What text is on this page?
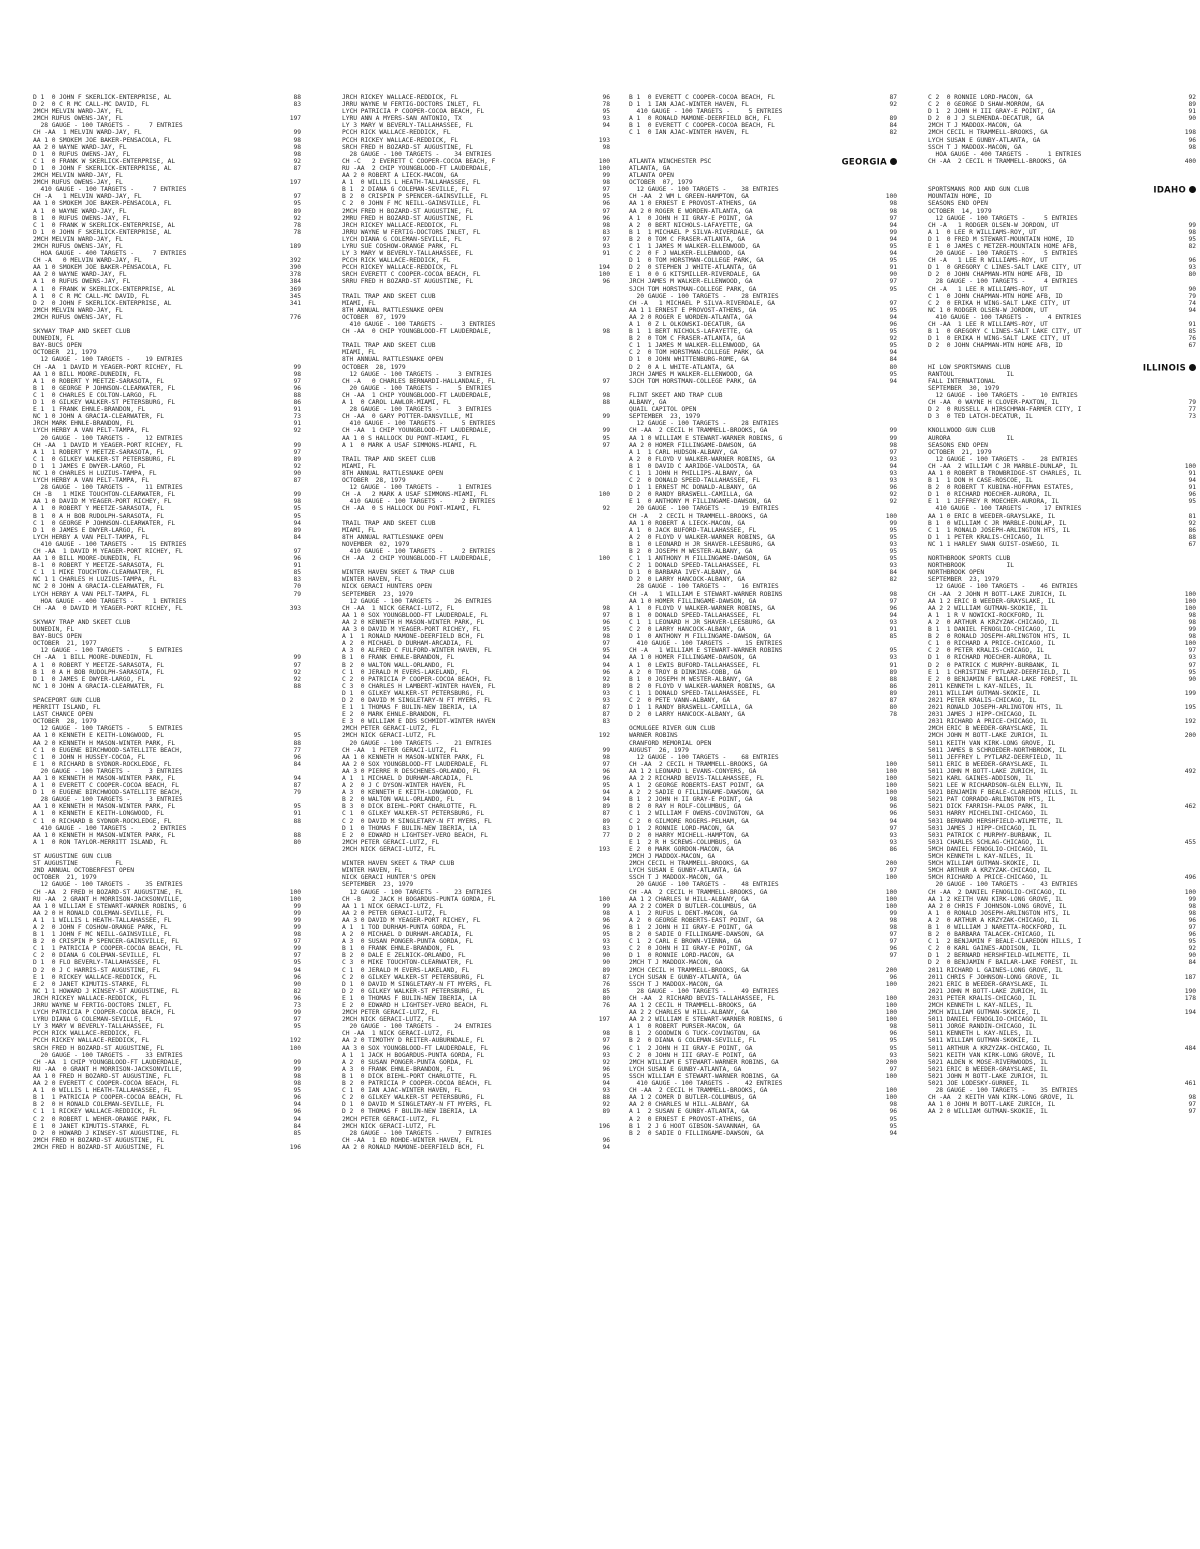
D 1  0 JOHN F SKERLICK-ENTERPRISE, AL	88
D 2  0 C R MC CALL-MC DAVID, FL	83
2MCH MELVIN WARD-JAY, FL
2MCH RUFUS OWENS-JAY, FL	197
28 GAUGE - 100 TARGETS -     7 ENTRIES
CH -AA  1 MELVIN WARD-JAY, FL	99
AA 1 0 SMOKEM JOE BAKER-PENSACOLA, FL	98
AA 2 0 WAYNE WARD-JAY, FL	98
D 1  0 RUFUS OWENS-JAY, FL	98
C 1  0 FRANK W SKERLICK-ENTERPRISE, AL	92
D 1  0 JOHN F SKERLICK-ENTERPRISE, AL	87
2MCH MELVIN WARD-JAY, FL
2MCH RUFUS OWENS-JAY, FL	197
410 GAUGE - 100 TARGETS -     7 ENTRIES
CH -A   1 MELVIN WARD-JAY, FL	97
AA 1 0 SMOKEM JOE BAKER-PENSACOLA, FL	95
A 1  0 WAYNE WARD-JAY, FL	89
B 1  0 RUFUS OWENS-JAY, FL	92
C 1  0 FRANK W SKERLICK-ENTERPRISE, AL	78
D 1  0 JOHN F SKERLICK-ENTERPRISE, AL	78
2MCH MELVIN WARD-JAY, FL
2MCH RUFUS OWENS-JAY, FL	189
HOA GAUGE - 400 TARGETS -     7 ENTRIES
CH -A   0 MELVIN WARD-JAY, FL	392
AA 1 0 SMOKEM JOE BAKER-PENSACOLA, FL	390
AA 2 0 WAYNE WARD-JAY, FL	378
A 1  0 RUFUS OWENS-JAY, FL	384
A 1  0 FRANK W SKERLICK-ENTERPRISE, AL	369
A 1  0 C R MC CALL-MC DAVID, FL	345
D 2  0 JOHN F SKERLICK-ENTERPRISE, AL	341
2MCH MELVIN WARD-JAY, FL
2MCH RUFUS OWENS-JAY, FL	776
SKYWAY TRAP AND SKEET CLUB
DUNEDIN, FL
BAY-BUCS OPEN
OCTOBER  21, 1979
12 GAUGE - 100 TARGETS -    19 ENTRIES
CH -AA  1 DAVID M YEAGER-PORT RICHEY, FL	99
AA 1 0 BILL MOORE-DUNEDIN, FL	98
A 1  0 ROBERT Y MEETZE-SARASOTA, FL	97
B 1  0 GEORGE P JOHNSON-CLEARWATER, FL	96
C 1  0 CHARLES E COLTON-LARGO, FL	88
D 1  0 GILKEY WALKER-ST PETERSBURG, FL	86
E 1  1 FRANK EHNLE-BRANDON, FL	91
NC 1 0 JOHN A GRACIA-CLEARWATER, FL	73
JRCH MARK EHNLE-BRANDON, FL	91
LYCH HERBY A VAN PELT-TAMPA, FL	92
20 GAUGE - 100 TARGETS -    12 ENTRIES
CH -AA  1 DAVID M YEAGER-PORT RICHEY, FL	99
A 1  1 ROBERT Y MEETZE-SARASOTA, FL	97
C 1  0 GILKEY WALKER-ST PETERSBURG, FL	89
D 1  1 JAMES E DWYER-LARGO, FL	92
NC 1 0 CHARLES H LUZIUS-TAMPA, FL	90
LYCH HERBY A VAN PELT-TAMPA, FL	87
28 GAUGE - 100 TARGETS -    11 ENTRIES
CH -B   1 MIKE TOUCHTON-CLEARWATER, FL	99
AA 1 0 DAVID M YEAGER-PORT RICHEY, FL	98
A 1  0 ROBERT Y MEETZE-SARASOTA, FL	95
B 1  0 A H BOB RUDOLPH-SARASOTA, FL	95
C 1  0 GEORGE P JOHNSON-CLEARWATER, FL	94
D 1  0 JAMES E DWYER-LARGO, FL	89
LYCH HERBY A VAN PELT-TAMPA, FL	84
410 GAUGE - 100 TARGETS -    15 ENTRIES
CH -AA  1 DAVID M YEAGER-PORT RICHEY, FL	97
AA 1 0 BILL MOORE-DUNEDIN, FL	96
B-1  0 ROBERT Y MEETZE-SARASOTA, FL	91
C 1  1 MIKE TOUCHTON-CLEARWATER, FL	85
NC 1 1 CHARLES H LUZIUS-TAMPA, FL	83
NC 2 0 JOHN A GRACIA-CLEARWATER, FL	70
LYCH HERBY A VAN PELT-TAMPA, FL	79
HOA GAUGE - 400 TARGETS -     1 ENTRIES
CH -AA  0 DAVID M YEAGER-PORT RICHEY, FL	393
SKYWAY TRAP AND SKEET CLUB
DUNEDIN, FL
BAY-BUCS OPEN
OCTOBER  21, 1977
12 GAUGE - 100 TARGETS -     5 ENTRIES
CH -AA  1 BILL MOORE-DUNEDIN, FL	99
A 1  0 ROBERT Y MEETZE-SARASOTA, FL	97
B 1  0 A H BOB RUDOLPH-SARASOTA, FL	92
D 1  0 JAMES E DWYER-LARGO, FL	92
NC 1 0 JOHN A GRACIA-CLEARWATER, FL	88
SPACEPORT GUN CLUB
MERRITT ISLAND, FL
LAST CHANCE OPEN
OCTOBER  28, 1979
12 GAUGE - 100 TARGETS -     5 ENTRIES
AA 1 0 KENNETH E KEITH-LONGWOOD, FL	95
AA 2 0 KENNETH H MASON-WINTER PARK, FL	88
C 1  0 EUGENE BIRCHWOOD-SATELLITE BEACH,	77
C 1  0 JOHN H HUSSEY-COCOA, FL	96
E 1  0 RICHARD B SYDNOR-ROCKLEDGE, FL	84
20 GAUGE - 100 TARGETS -     3 ENTRIES
AA 1 0 KENNETH H MASON-WINTER PARK, FL	94
A 1  0 EVERETT C COOPER-COCOA BEACH, FL	87
D 1  0 EUGENE BIRCHWOOD-SATELLITE BEACH,	79
28 GAUGE - 100 TARGETS -     3 ENTRIES
AA 1 0 KENNETH H MASON-WINTER PARK, FL	95
A 1  0 KENNETH E KEITH-LONGWOOD, FL	91
C 1  0 RICHARD B SYDNOR-ROCKLEDGE, FL	88
410 GAUGE - 100 TARGETS -     2 ENTRIES
AA 1 0 KENNETH H MASON-WINTER PARK, FL	88
A 1  0 RON TAYLOR-MERRITT ISLAND, FL	80
ST AUGUSTINE GUN CLUB
ST AUGUSTINE          FL
2ND ANNUAL OCTOBERFEST OPEN
OCTOBER  21, 1979
12 GAUGE - 100 TARGETS -    35 ENTRIES
CH -AA  2 FRED H BOZARD-ST AUGUSTINE, FL	100
RU -AA  2 GRANT H MORRISON-JACKSONVILLE,	100
AA 1 0 WILLIAM E STEWART-WARNER ROBINS, G	99
AA 2 0 H RONALD COLEMAN-SEVILLE, FL	99
A 1  1 WILLIS L HEATH-TALLAHASSEE, FL	99
A 2  0 JOHN F COSHOW-ORANGE PARK, FL	99
B 1  1 JOHN F MC NEILL-GAINSVILLE, FL	98
B 2  0 CRISPIN P SPENCER-GAINSVILLE, FL	97
C 1  1 PATRICIA P COOPER-COCOA BEACH, FL	99
C 2  0 DIANA G COLEMAN-SEVILLE, FL	97
D 1  0 FLO BEVERLY-TALLAHASSEE, FL	95
D 2  0 J C HARRIS-ST AUGUSTINE, FL	94
E 1  0 RICKEY WALLACE-REDDICK, FL	96
E 2  0 JANET KIMUTIS-STARKE, FL	90
NC 1 1 HOWARD J KINSEY-ST AUGUSTINE, FL	82
JRCH RICKEY WALLACE-REDDICK, FL	96
JRRU WAYNE W FERTIG-DOCTORS INLET, FL	73
LYCH PATRICIA P COOPER-COCOA BEACH, FL	99
LYRU DIANA G COLEMAN-SEVILLE, FL	97
LY 3 MARY W BEVERLY-TALLAHASSEE, FL	95
PCCH RICK WALLACE-REDDICK, FL
PCCH RICKEY WALLACE-REDDICK, FL	192
SRCH FRED H BOZARD-ST AUGUSTINE, FL	100
20 GAUGE - 100 TARGETS -    33 ENTRIES
CH -AA  1 CHIP YOUNGBLOOD-FT LAUDERDALE,	99
RU -AA  0 GRANT H MORRISON-JACKSONVILLE,	99
AA 1 0 FRED H BOZARD-ST AUGUSTINE, FL	98
AA 2 0 EVERETT C COOPER-COCOA BEACH, FL	98
A 1  0 WILLIS L HEATH-TALLAHASSEE, FL	95
B 1  1 PATRICIA P COOPER-COCOA BEACH, FL	96
B 2  0 H RONALD COLEMAN-SEVILLE, FL	94
C 1  1 RICKEY WALLACE-REDDICK, FL	96
C 2  0 ROBERT L WEHER-ORANGE PARK, FL	94
E 1  0 JANET KIMUTIS-STARKE, FL	84
D 2  0 HOWARD J KINSEY-ST AUGUSTINE, FL	85
2MCH FRED H BOZARD-ST AUGUSTINE, FL
2MCH FRED H BOZARD-ST AUGUSTINE, FL	196
JRCH RICKEY WALLACE-REDDICK, FL	96
JRRU WAYNE W FERTIG-DOCTORS INLET, FL	78
LYCH PATRICIA P COOPER-COCOA BEACH, FL	95
LYRU ANN A MYERS-SAN ANTONIO, TX	93
LY 3 MARY W BEVERLY-TALLAHASSEE, FL	94
PCCH RICK WALLACE-REDDICK, FL
PCCH RICKEY WALLACE-REDDICK, FL	193
SRCH FRED H BOZARD-ST AUGUSTINE, FL	98
28 GAUGE - 100 TARGETS -    34 ENTRIES
CH -C   2 EVERETT C COOPER-COCOA BEACH, F	100
RU -AA  2 CHIP YOUNGBLOOD-FT LAUDERDALE,	100
AA 2 0 ROBERT A LIECK-MACON, GA	99
A 1  0 WILLIS L HEATH-TALLAHASSEE, FL	98
B 1  2 DIANA G COLEMAN-SEVILLE, FL	97
B 2  0 CRISPIN P SPENCER-GAINSVILLE, FL	95
C 2  0 JOHN F MC NEILL-GAINSVILLE, FL	96
2MCH FRED H BOZARD-ST AUGUSTINE, FL	97
2MRU FRED H BOZARD-ST AUGUSTINE, FL	96
JRCH RICKEY WALLACE-REDDICK, FL	98
JRRU WAYNE W FERTIG-DOCTORS INLET, FL	83
LYCH DIANA G COLEMAN-SEVILLE, FL	97
LYRU SUE COSHOW-ORANGE PARK, FL	93
LY 3 MARY W BEVERLY-TALLAHASSEE, FL	91
PCCH RICK WALLACE-REDDICK, FL
PCCH RICKEY WALLACE-REDDICK, FL	194
SRCH EVERETT C COOPER-COCOA BEACH, FL	100
SRRU FRED H BOZARD-ST AUGUSTINE, FL	96
TRAIL TRAP AND SKEET CLUB
MIAMI, FL
8TH ANNUAL RATTLESNAKE OPEN
OCTOBER  07, 1979
410 GAUGE - 100 TARGETS -     3 ENTRIES
CH -AA  0 CHIP YOUNGBLOOD-FT LAUDERDALE,	98
TRAIL TRAP AND SKEET CLUB
MIAMI, FL
8TH ANNUAL RATTLESNAKE OPEN
OCTOBER  28, 1979
12 GAUGE - 100 TARGETS -     3 ENTRIES
CH -A   0 CHARLES BERNARDI-HALLANDALE, FL	97
20 GAUGE - 100 TARGETS -     5 ENTRIES
CH -AA  1 CHIP YOUNGBLOOD-FT LAUDERDALE,	98
A 1  0 CAROL LAWLOR-MIAMI, FL	88
28 GAUGE - 100 TARGETS -     3 ENTRIES
CH -AA  0 GARY POTTER-DANSVILLE, MI	99
410 GAUGE - 100 TARGETS -     5 ENTRIES
CH -AA  1 CHIP YOUNGBLOOD-FT LAUDERDALE,	99
AA 1 0 S HALLOCK DU PONT-MIAMI, FL	95
A 1  0 MARK A USAF SIMMONS-MIAMI, FL	97
TRAIL TRAP AND SKEET CLUB
MIAMI, FL
8TH ANNUAL RATTLESNAKE OPEN
OCTOBER  28, 1979
12 GAUGE - 100 TARGETS -     1 ENTRIES
CH -A   2 MARK A USAF SIMMONS-MIAMI, FL	100
410 GAUGE - 100 TARGETS -     2 ENTRIES
CH -AA  0 S HALLOCK DU PONT-MIAMI, FL	92
TRAIL TRAP AND SKEET CLUB
MIAMI, FL
8TH ANNUAL RATTLESNAKE OPEN
NOVEMBER  02, 1979
410 GAUGE - 100 TARGETS -     2 ENTRIES
CH -AA  2 CHIP YOUNGBLOOD-FT LAUDERDALE,	100
WINTER HAVEN SKEET & TRAP CLUB
WINTER HAVEN, FL
NICK GERACI HUNTERS OPEN
SEPTEMBER  23, 1979
12 GAUGE - 100 TARGETS -    26 ENTRIES
CH -AA  1 NICK GERACI-LUTZ, FL	98
AA 1 0 SOX YOUNGBLOOD-FT LAUDERDALE, FL	97
AA 2 0 KENNETH H MASON-WINTER PARK, FL	96
AA 3 0 DAVID M YEAGER-PORT RICHEY, FL	95
A 1  1 RONALD MAMONE-DEERFIELD BCH, FL	98
A 2  0 MICHAEL D DURHAM-ARCADIA, FL	97
A 3  0 ALFRED C FULFORD-WINTER HAVEN, FL	95
B 1  0 FRANK EHNLE-BRANDON, FL	94
B 2  0 WALTON WALL-ORLANDO, FL	94
C 1  0 JERALD M EVERS-LAKELAND, FL	96
C 2  0 PATRICIA P COOPER-COCOA BEACH, FL	92
C 3  0 CHARLES H LAMBERT-WINTER HAVEN, FL	89
D 1  0 GILKEY WALKER-ST PETERSBURG, FL	93
D 2  0 DAVID M SINGLETARY-N FT MYERS, FL	93
E 1  1 THOMAS F BULIN-NEW IBERIA, LA	87
E 2  0 MARK EHNLE-BRANDON, FL	87
E 3  0 WILLIAM E DDS SCHMIDT-WINTER HAVEN	83
2MCH PETER GERACI-LUTZ, FL
2MCH NICK GERACI-LUTZ, FL	192
20 GAUGE - 100 TARGETS -    21 ENTRIES
CH -AA  1 PETER GERACI-LUTZ, FL	99
AA 1 0 KENNETH H MASON-WINTER PARK, FL	98
AA 2 0 SOX YOUNGBLOOD-FT LAUDERDALE, FL	97
AA 3 0 PIERRE R DESCHENES-ORLANDO, FL	96
A 1  1 MICHAEL D DURHAM-ARCADIA, FL	96
A 2  0 J C DYSON-WINTER HAVEN, FL	95
A 3  0 KENNETH E KEITH-LONGWOOD, FL	94
B 2  0 WALTON WALL-ORLANDO, FL	94
B 3  0 DICK BIEHL-PORT CHARLOTTE, FL	89
C 1  0 GILKEY WALKER-ST PETERSBURG, FL	87
C 2  0 DAVID M SINGLETARY-N FT MYERS, FL	89
D 1  0 THOMAS F BULIN-NEW IBERIA, LA	83
E 2  0 EDWARD H LIGHTSEY-VERO BEACH, FL	77
2MCH PETER GERACI-LUTZ, FL
2MCH NICK GERACI-LUTZ, FL	193
WINTER HAVEN SKEET & TRAP CLUB
WINTER HAVEN, FL
NICK GERACI HUNTER'S OPEN
SEPTEMBER  23, 1979
12 GAUGE - 100 TARGETS -    23 ENTRIES
CH -B   2 JACK H BOGARDUS-PUNTA GORDA, FL	100
AA 1 1 NICK GERACI-LUTZ, FL	99
AA 2 0 PETER GERACI-LUTZ, FL	98
AA 3 0 DAVID M YEAGER-PORT RICHEY, FL	96
A 1  1 TOD DURHAM-PUNTA GORDA, FL	96
A 2  0 MICHAEL D DURHAM-ARCADIA, FL	95
A 3  0 SUSAN PONGER-PUNTA GORDA, FL	93
B 1  0 FRANK EHNLE-BRANDON, FL	93
B 2  0 DALE E ZELNICK-ORLANDO, FL	90
C 3  0 MIKE TOUCHTON-CLEARWATER, FL	90
C 1  0 JERALD M EVERS-LAKELAND, FL	89
C 2  0 GILKEY WALKER-ST PETERSBURG, FL	87
D 1  0 DAVID M SINGLETARY-N FT MYERS, FL	76
D 2  0 GILKEY WALKER-ST PETERSBURG, FL	85
E 1  0 THOMAS F BULIN-NEW IBERIA, LA	80
E 2  0 EDWARD H LIGHTSEY-VERO BEACH, FL	76
2MCH PETER GERACI-LUTZ, FL
2MCH NICK GERACI-LUTZ, FL	197
20 GAUGE - 100 TARGETS -    24 ENTRIES
CH -AA  1 NICK GERACI-LUTZ, FL	98
AA 2 0 TIMOTHY D REITER-AUBURNDALE, FL	97
AA 3 0 SOX YOUNGBLOOD-FT LAUDERDALE, FL	96
A 1  1 JACK H BOGARDUS-PUNTA GORDA, FL	93
A 2  0 SUSAN PONGER-PUNTA GORDA, FL	92
A 3  0 FRANK EHNLE-BRANDON, FL	96
B 1  0 DICK BIEHL-PORT CHARLOTTE, FL	95
B 2  0 PATRICIA P COOPER-COCOA BEACH, FL	94
C 1  0 IAN AJAC-WINTER HAVEN, FL	93
C 2  0 GILKEY WALKER-ST PETERSBURG, FL	88
D 1  0 DAVID M SINGLETARY-N FT MYERS, FL	92
D 2  0 THOMAS F BULIN-NEW IBERIA, LA	89
2MCH PETER GERACI-LUTZ, FL
2MCH NICK GERACI-LUTZ, FL	196
28 GAUGE - 100 TARGETS -     7 ENTRIES
CH -AA  1 ED ROHDE-WINTER HAVEN, FL	96
AA 2 0 RONALD MAMONE-DEERFIELD BCH, FL	94
B 1  0 EVERETT C COOPER-COCOA BEACH, FL	87
D 1  1 IAN AJAC-WINTER HAVEN, FL	92
410 GAUGE - 100 TARGETS -     5 ENTRIES
A 1  0 RONALD MAMONE-DEERFIELD BCH, FL	89
B 1  0 EVERETT C COOPER-COCOA BEACH, FL	84
C 1  0 IAN AJAC-WINTER HAVEN, FL	82
ATLANTA WINCHESTER PSC	GEORGIA
ATLANTA, GA
ATLANTA OPEN
OCTOBER  07, 1979
12 GAUGE - 100 TARGETS -    38 ENTRIES
CH -AA  2 WM L GREEN-HAMPTON, GA	100
AA 1 0 ERNEST E PROVOST-ATHENS, GA	98
AA 2 0 ROGER E WORDEN-ATLANTA, GA	98
A 1  0 JOHN H II GRAY-E POINT, GA	97
A 2  0 BERT NICHOLS-LAFAYETTE, GA	94
B 1  1 MICHAEL P SILVA-RIVERDALE, GA	99
B 2  0 TOM C FRASER-ATLANTA, GA	94
C 1  1 JAMES M WALKER-ELLENWOOD, GA	95
C 2  0 F J WALKER-ELLENWOOD, GA	94
D 1  0 TOM HORSTMAN-COLLEGE PARK, GA	95
D 2  0 STEPHEN J WHITE-ATLANTA, GA	91
E 1  0 0 G KITSMILLER-RIVERDALE, GA	90
JRCH JAMES M WALKER-ELLENWOOD, GA	97
SJCH TOM HORSTMAN-COLLEGE PARK, GA	95
20 GAUGE - 100 TARGETS -    28 ENTRIES
CH -A   1 MICHAEL P SILVA-RIVERDALE, GA	97
AA 1 1 ERNEST E PROVOST-ATHENS, GA	95
AA 2 0 ROGER E WORDEN-ATLANTA, GA	94
A 1  0 Z L OLKOWSKI-DECATUR, GA	96
B 1  1 BERT NICHOLS-LAFAYETTE, GA	95
B 2  0 TOM C FRASER-ATLANTA, GA	92
C 1  1 JAMES M WALKER-ELLENWOOD, GA	95
C 2  0 TOM HORSTMAN-COLLEGE PARK, GA	94
D 1  0 JOHN WHITTENBURG-ROME, GA	84
D 2  0 A L WHITE-ATLANTA, GA	80
JRCH JAMES M WALKER-ELLENWOOD, GA	95
SJCH TOM HORSTMAN-COLLEGE PARK, GA	94
FLINT SKEET AND TRAP CLUB
ALBANY, GA
QUAIL CAPITOL OPEN
SEPTEMBER  23, 1979
12 GAUGE - 100 TARGETS -    28 ENTRIES
CH -AA  2 CECIL H TRAMMELL-BROOKS, GA	99
AA 1 0 WILLIAM E STEWART-WARNER ROBINS, G	99
AA 2 0 HOMER FILLINGAME-DAWSON, GA	98
A 1  1 CARL HUDSON-ALBANY, GA	97
A 2  0 FLOYD V WALKER-WARNER ROBINS, GA	93
B 1  0 DAVID C AARIDGE-VALDOSTA, GA	94
C 1  1 JOHN H PHILLIPS-ALBANY, GA	93
C 2  0 DONALD SPEED-TALLAHASSEE, FL	93
D 1  1 ERNEST MC DONALD-ALBANY, GA	96
D 2  0 RANDY BRASWELL-CAMILLA, GA	92
E 1  0 ANTHONY M FILLINGAME-DAWSON, GA	92
20 GAUGE - 100 TARGETS -    19 ENTRIES
CH -A   2 CECIL H TRAMMELL-BROOKS, GA	100
AA 1 0 ROBERT A LIECK-MACON, GA	99
A 1  0 JACK BUFORD-TALLAHASSEE, FL	95
A 2  0 FLOYD V WALKER-WARNER ROBINS, GA	95
B 1  0 LEONARD H JR SHAVER-LEESBURG, GA	93
B 2  0 JOSEPH M WESTER-ALBANY, GA	95
C 1  1 ANTHONY M FILLINGAME-DAWSON, GA	95
C 2  1 DONALD SPEED-TALLAHASSEE, FL	93
D 1  0 BARBARA IVEY-ALBANY, GA	84
D 2  0 LARRY HANCOCK-ALBANY, GA	82
28 GAUGE - 100 TARGETS -    16 ENTRIES
CH -A   1 WILLIAM E STEWART-WARNER ROBINS	98
AA 1 0 HOMER FILLINGAME-DAWSON, GA	97
A 1  0 FLOYD V WALKER-WARNER ROBINS, GA	96
B 1  0 DONALD SPEED-TALLAHASSEE, FL	94
C 1  1 LEONARD H JR SHAVER-LEESBURG, GA	93
C 2  0 LARRY HANCOCK-ALBANY, GA	91
D 1  0 ANTHONY M FILLINGAME-DAWSON, GA	85
410 GAUGE - 100 TARGETS -    15 ENTRIES
CH -A   1 WILLIAM E STEWART-WARNER ROBINS	95
AA 1 0 HOMER FILLINGAME-DAWSON, GA	93
A 1  0 LEWIS BUFORD-TALLAHASSEE, FL	91
A 2  0 TROY B DINKINS-COBB, GA	89
B 1  0 JOSEPH M WESTER-ALBANY, GA	88
B 2  0 FLOYD V WALKER-WARNER ROBINS, GA	86
C 1  1 DONALD SPEED-TALLAHASSEE, FL	89
C 2  0 PETE VANN-ALBANY, GA	87
D 1  1 RANDY BRASWELL-CAMILLA, GA	80
D 2  0 LARRY HANCOCK-ALBANY, GA	78
OCMULGEE RIVER GUN CLUB
WARNER ROBINS
CRANFORD MEMORIAL OPEN
AUGUST  26, 1979
12 GAUGE - 100 TARGETS -    68 ENTRIES
CH -AA  2 CECIL H TRAMMELL-BROOKS, GA	100
AA 1 2 LEONARD L EVANS-CONYERS, GA	100
AA 2 2 RICHARD BEVIS-TALLAHASSEE, FL	100
A 1  2 GEORGE ROBERTS-EAST POINT, GA	100
A 2  2 SADIE O FILLINGAME-DAWSON, GA	100
B 1  2 JOHN H II GRAY-E POINT, GA	98
B 2  0 RAY H ROLF-COLUMBUS, GA	96
C 1  2 WILLIAM F OWENS-COVINGTON, GA	96
C 2  0 GILMORE ROGERS-PELHAM, GA	94
D 1  2 RONNIE LORD-MACON, GA	97
D 2  0 HARRY MICHELL-HAMPTON, GA	93
E 1  2 R H SCREWS-COLUMBUS, GA	93
E 2  0 MARK GORDON-MACON, GA	86
2MCH J MADDOX-MACON, GA
2MCH CECIL H TRAMMELL-BROOKS, GA	200
LYCH SUSAN E GUNBY-ATLANTA, GA	97
SSCH T J MADDOX-MACON, GA	100
20 GAUGE - 100 TARGETS -    48 ENTRIES
CH -AA  2 CECIL H TRAMMELL-BROOKS, GA	100
AA 1 2 CHARLES W HILL-ALBANY, GA	100
AA 2 2 COMER D BUTLER-COLUMBUS, GA	100
A 1  2 RUFUS L DENT-MACON, GA	99
A 2  0 GEORGE ROBERTS-EAST POINT, GA	98
B 1  2 JOHN H II GRAY-E POINT, GA	98
B 2  0 SADIE O FILLINGAME-DAWSON, GA	97
C 1  2 CARL E BROWN-VIENNA, GA	97
C 2  0 JOHN H II GRAY-E POINT, GA	96
D 1  0 RONNIE LORD-MACON, GA	97
2MCH T J MADDOX-MACON, GA
2MCH CECIL H TRAMMELL-BROOKS, GA	200
LYCH SUSAN E GUNBY-ATLANTA, GA	96
SSCH T J MADDOX-MACON, GA	100
28 GAUGE - 100 TARGETS -    49 ENTRIES
CH -AA  2 RICHARD BEVIS-TALLAHASSEE, FL	100
AA 1 2 CECIL H TRAMMELL-BROOKS, GA	100
AA 2 2 CHARLES W HILL-ALBANY, GA	100
AA 2 2 WILLIAM E STEWART-WARNER ROBINS, G	100
A 1  0 ROBERT PURSER-MACON, GA	98
B 1  2 GOODWIN G TUCK-COVINGTON, GA	96
B 2  0 DIANA G COLEMAN-SEVILLE, FL	95
C 1  2 JOHN H II GRAY-E POINT, GA	95
C 2  0 JOHN H III GRAY-E POINT, GA	93
2MCH WILLIAM E STEWART-WARNER ROBINS, GA	200
LYCH SUSAN E GUNBY-ATLANTA, GA	97
SSCH WILLIAM E STEWART-WARNER ROBINS, GA	100
410 GAUGE - 100 TARGETS -    42 ENTRIES
CH -AA  2 CECIL H TRAMMELL-BROOKS, GA	100
AA 1 2 COMER D BUTLER-COLUMBUS, GA	100
AA 2 0 CHARLES W HILL-ALBANY, GA	98
A 1  2 SUSAN E GUNBY-ATLANTA, GA	96
A 2  0 ERNEST E PROVOST-ATHENS, GA	95
B 1  2 J G HOOT GIBSON-SAVANNAH, GA	95
B 2  0 SADIE O FILLINGAME-DAWSON, GA	94
C 2  0 RONNIE LORD-MACON, GA	92
C 2  0 GEORGE D SHAW-MORROW, GA	89
D 1  2 JOHN H III GRAY-E POINT, GA	91
D 2  0 J J SLEMENDA-DECATUR, GA	90
2MCH T J MADDOX-MACON, GA
2MCH CECIL H TRAMMELL-BROOKS, GA	198
LYCH SUSAN E GUNBY-ATLANTA, GA	96
SSCH T J MADDOX-MACON, GA	98
HOA GAUGE - 400 TARGETS -     1 ENTRIES
CH -AA  2 CECIL H TRAMMELL-BROOKS, GA	400
SPORTSMANS ROD AND GUN CLUB	IDAHO
MOUNTAIN HOME, ID
SEASONS END OPEN
OCTOBER  14, 1979
12 GAUGE - 100 TARGETS -     5 ENTRIES
CH -A   1 RODGER OLSEN-W JORDON, UT	99
A 1  0 LEE R WILLIAMS-ROY, UT	98
D 1  0 FRED M STEWART-MOUNTAIN HOME, ID	95
E 1  0 JAMES C METZER-MOUNTAIN HOME AFB,	82
20 GAUGE - 100 TARGETS -     5 ENTRIES
CH -A   1 LEE R WILLIAMS-ROY, UT	96
D 1  0 GREGORY C LINES-SALT LAKE CITY, UT	93
D 2  0 JOHN CHAPMAN-MTN HOME AFB, ID	80
28 GAUGE - 100 TARGETS -     4 ENTRIES
CH -A   1 LEE R WILLIAMS-ROY, UT	90
C 1  0 JOHN CHAPMAN-MTN HOME AFB, ID	79
C 2  0 ERIKA H WING-SALT LAKE CITY, UT	74
NC 1 0 RODGER OLSEN-W JORDON, UT	94
410 GAUGE - 100 TARGETS -     4 ENTRIES
CH -AA  1 LEE R WILLIAMS-ROY, UT	91
B 1  0 GREGORY C LINES-SALT LAKE CITY, UT	85
D 1  0 ERIKA H WING-SALT LAKE CITY, UT	76
D 2  0 JOHN CHAPMAN-MTN HOME AFB, ID	67
HI LOW SPORTSMANS CLUB	ILLINOIS
RANTOUL              IL
FALL INTERNATIONAL
SEPTEMBER  30, 1979
12 GAUGE - 100 TARGETS -    10 ENTRIES
CH -AA  0 WAYNE H CLOVER-PAXTON, IL	79
D 2  0 RUSSELL A HIRSCHMAN-FARMER CITY, I	77
D 3  0 TED LATCH-DECATUR, IL	73
KNOLLWOOD GUN CLUB
AURORA               IL
SEASONS END OPEN
OCTOBER  21, 1979
12 GAUGE - 100 TARGETS -    28 ENTRIES
CH -AA  2 WILLIAM C JR MARBLE-DUNLAP, IL	100
AA 1 0 ROBERT B TROWBRIDGE-ST CHARLES, IL	91
B 1  1 DON H CASE-ROSCOE, IL	94
B 2  0 ROBERT T KUBINA-HOFFMAN ESTATES,	91
D 1  0 RICHARD MOECHER-AURORA, IL	96
E 1  1 JEFFREY R MOECHER-AURORA, IL	95
410 GAUGE - 100 TARGETS -    17 ENTRIES
AA 1 0 ERIC B WEEDER-GRAYSLAKE, IL	81
B 1  0 WILLIAM C JR MARBLE-DUNLAP, IL	92
C 1  1 RONALD JOSEPH-ARLINGTON HTS, IL	86
D 1  1 PETER KRALIS-CHICAGO, IL	88
NC 1 1 HARLEY SWAN GUIST-OSWEGO, IL	67
NORTHBROOK SPORTS CLUB
NORTHBROOK           IL
NORTHBROOK OPEN
SEPTEMBER  23, 1979
12 GAUGE - 100 TARGETS -    46 ENTRIES
CH -AA  2 JOHN M BOTT-LAKE ZURICH, IL	100
AA 1 2 ERIC B WEEDER-GRAYSLAKE, IL	100
AA 2 2 WILLIAM GUTMAN-SKOKIE, IL	100
A 1  1 R V NOWICKI-ROCKFORD, IL	98
A 2  0 ARTHUR A KRZYZAK-CHICAGO, IL	98
B 1  1 DANIEL FENOGLIO-CHICAGO, IL	99
B 2  0 RONALD JOSEPH-ARLINGTON HTS, IL	98
C 1  0 RICHARD A PRICE-CHICAGO, IL	100
C 2  0 PETER KRALIS-CHICAGO, IL	97
D 1  0 RICHARD MOECHER-AURORA, IL	93
D 2  0 PATRICK C MURPHY-BURBANK, IL	97
E 1  1 CHRISTINE PYTLARZ-DEERFIELD, IL	95
E 2  0 BENJAMIN F BAILAR-LAKE FOREST, IL	90
2011 KENNETH L KAY-NILES, IL
2011 WILLIAM GUTMAN-SKOKIE, IL	199
2021 PETER KRALIS-CHICAGO, IL
2021 RONALD JOSEPH-ARLINGTON HTS, IL	195
2031 JAMES J HIPP-CHICAGO, IL
2031 RICHARD A PRICE-CHICAGO, IL	192
2MCH ERIC B WEEDER-GRAYSLAKE, IL
2MCH JOHN M BOTT-LAKE ZURICH, IL	200
5011 KEITH VAN KIRK-LONG GROVE, IL
5011 JAMES B SCHROEDER-NORTHBROOK, IL
5011 JEFFREY L PYTLARZ-DEERFIELD, IL
5011 ERIC B WEEDER-GRAYSLAKE, IL
5011 JOHN M BOTT-LAKE ZURICH, IL	492
5021 KARL GAINES-ADDISON, IL
5021 LEE W RICHARDSON-GLEN ELLYN, IL
5021 BENJAMIN F BEALE-CLAREDON HILLS, IL
5021 PAT CORRADO-ARLINGTON HTS, IL
5021 DICK FARRISH-PALOS PARK, IL	462
5031 HARRY MICHELINI-CHICAGO, IL
5031 BERNARD HERSHFIELD-WILMETTE, IL
5031 JAMES J HIPP-CHICAGO, IL
5031 PATRICK C MURPHY-BURBANK, IL
5031 CHARLES SCHLAG-CHICAGO, IL	455
5MCH DANIEL FENOGLIO-CHICAGO, IL
5MCH KENNETH L KAY-NILES, IL
5MCH WILLIAM GUTMAN-SKOKIE, IL
5MCH ARTHUR A KRZYZAK-CHICAGO, IL
5MCH RICHARD A PRICE-CHICAGO, IL	496
20 GAUGE - 100 TARGETS -    43 ENTRIES
CH -AA  2 DANIEL FENOGLIO-CHICAGO, IL	100
AA 1 2 KEITH VAN KIRK-LONG GROVE, IL	99
AA 2 0 CHRIS F JOHNSON-LONG GROVE, IL	98
A 1  0 RONALD JOSEPH-ARLINGTON HTS, IL	98
A 2  0 ARTHUR A KRZYZAK-CHICAGO, IL	96
B 1  0 WILLIAM J NARETTA-ROCKFORD, IL	97
B 2  0 BARBARA TALACEK-CHICAGO, IL	96
C 1  2 BENJAMIN F BEALE-CLAREDON HILLS, I	95
C 2  0 KARL GAINES-ADDISON, IL	92
D 1  2 BERNARD HERSHFIELD-WILMETTE, IL	90
D 2  0 BENJAMIN F BAILAR-LAKE FOREST, IL	84
2011 RICHARD L GAINES-LONG GROVE, IL
2011 CHRIS F JOHNSON-LONG GROVE, IL	187
2021 ERIC B WEEDER-GRAYSLAKE, IL
2021 JOHN M BOTT-LAKE ZURICH, IL	190
2031 PETER KRALIS-CHICAGO, IL	178
2MCH KENNETH L KAY-NILES, IL
2MCH WILLIAM GUTMAN-SKOKIE, IL	194
5011 DANIEL FENOGLIO-CHICAGO, IL
5011 JORGE RANDIN-CHICAGO, IL
5011 KENNETH L KAY-NILES, IL
5011 WILLIAM GUTMAN-SKOKIE, IL
5011 ARTHUR A KRZYZAK-CHICAGO, IL	484
5021 KEITH VAN KIRK-LONG GROVE, IL
5021 ALDEN K MOSE-RIVERWOODS, IL
5021 ERIC B WEEDER-GRAYSLAKE, IL
5021 JOHN M BOTT-LAKE ZURICH, IL
5021 JOE LODESKY-GURNEE, IL	461
28 GAUGE - 100 TARGETS -    35 ENTRIES
CH -AA  2 KEITH VAN KIRK-LONG GROVE, IL	98
AA 1 0 JOHN M BOTT-LAKE ZURICH, IL	97
AA 2 0 WILLIAM GUTMAN-SKOKIE, IL	97
